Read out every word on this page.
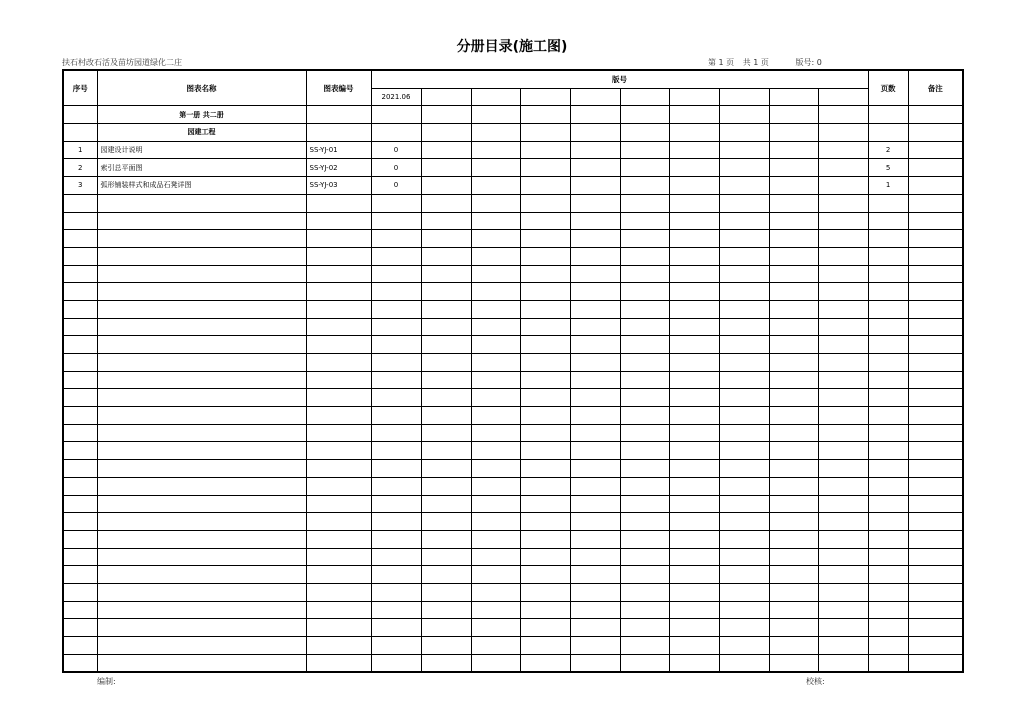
分册目录(施工图)
扶石村改石活及苗坊园道绿化二庄	第 1 页 共 1 页	版号: 0
序号	图表名称	图表编号	版号										页数	备注
			2021.06											
	第一册 共二册													
	园建工程													
1	园建设计说明	SS-YJ-01	0										2	
2	索引总平面图	SS-YJ-02	0										5	
3	弧形铺装样式和成品石凳详图	SS-YJ-03	0										1	

编制:	校核:
